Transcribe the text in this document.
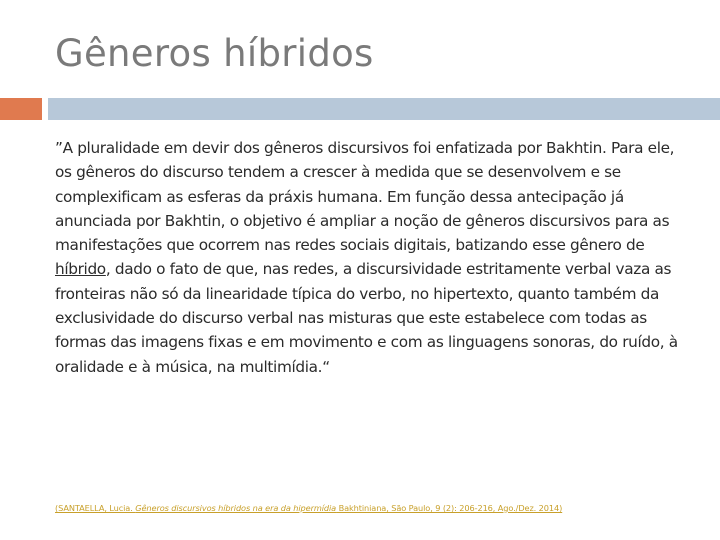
Gêneros híbridos

”A pluralidade em devir dos gêneros discursivos foi enfatizada por Bakhtin. Para ele, os gêneros do discurso tendem a crescer à medida que se desenvolvem e se complexificam as esferas da práxis humana. Em função dessa antecipação já anunciada por Bakhtin, o objetivo é ampliar a noção de gêneros discursivos para as manifestações que ocorrem nas redes sociais digitais, batizando esse gênero de híbrido, dado o fato de que, nas redes, a discursividade estritamente verbal vaza as fronteiras não só da linearidade típica do verbo, no hipertexto, quanto também da exclusividade do discurso verbal nas misturas que este estabelece com todas as formas das imagens fixas e em movimento e com as linguagens sonoras, do ruído, à oralidade e à música, na multimídia.“

(SANTAELLA, Lucia. Gêneros discursivos híbridos na era da hipermídia Bakhtiniana, São Paulo, 9 (2): 206-216, Ago./Dez. 2014)
